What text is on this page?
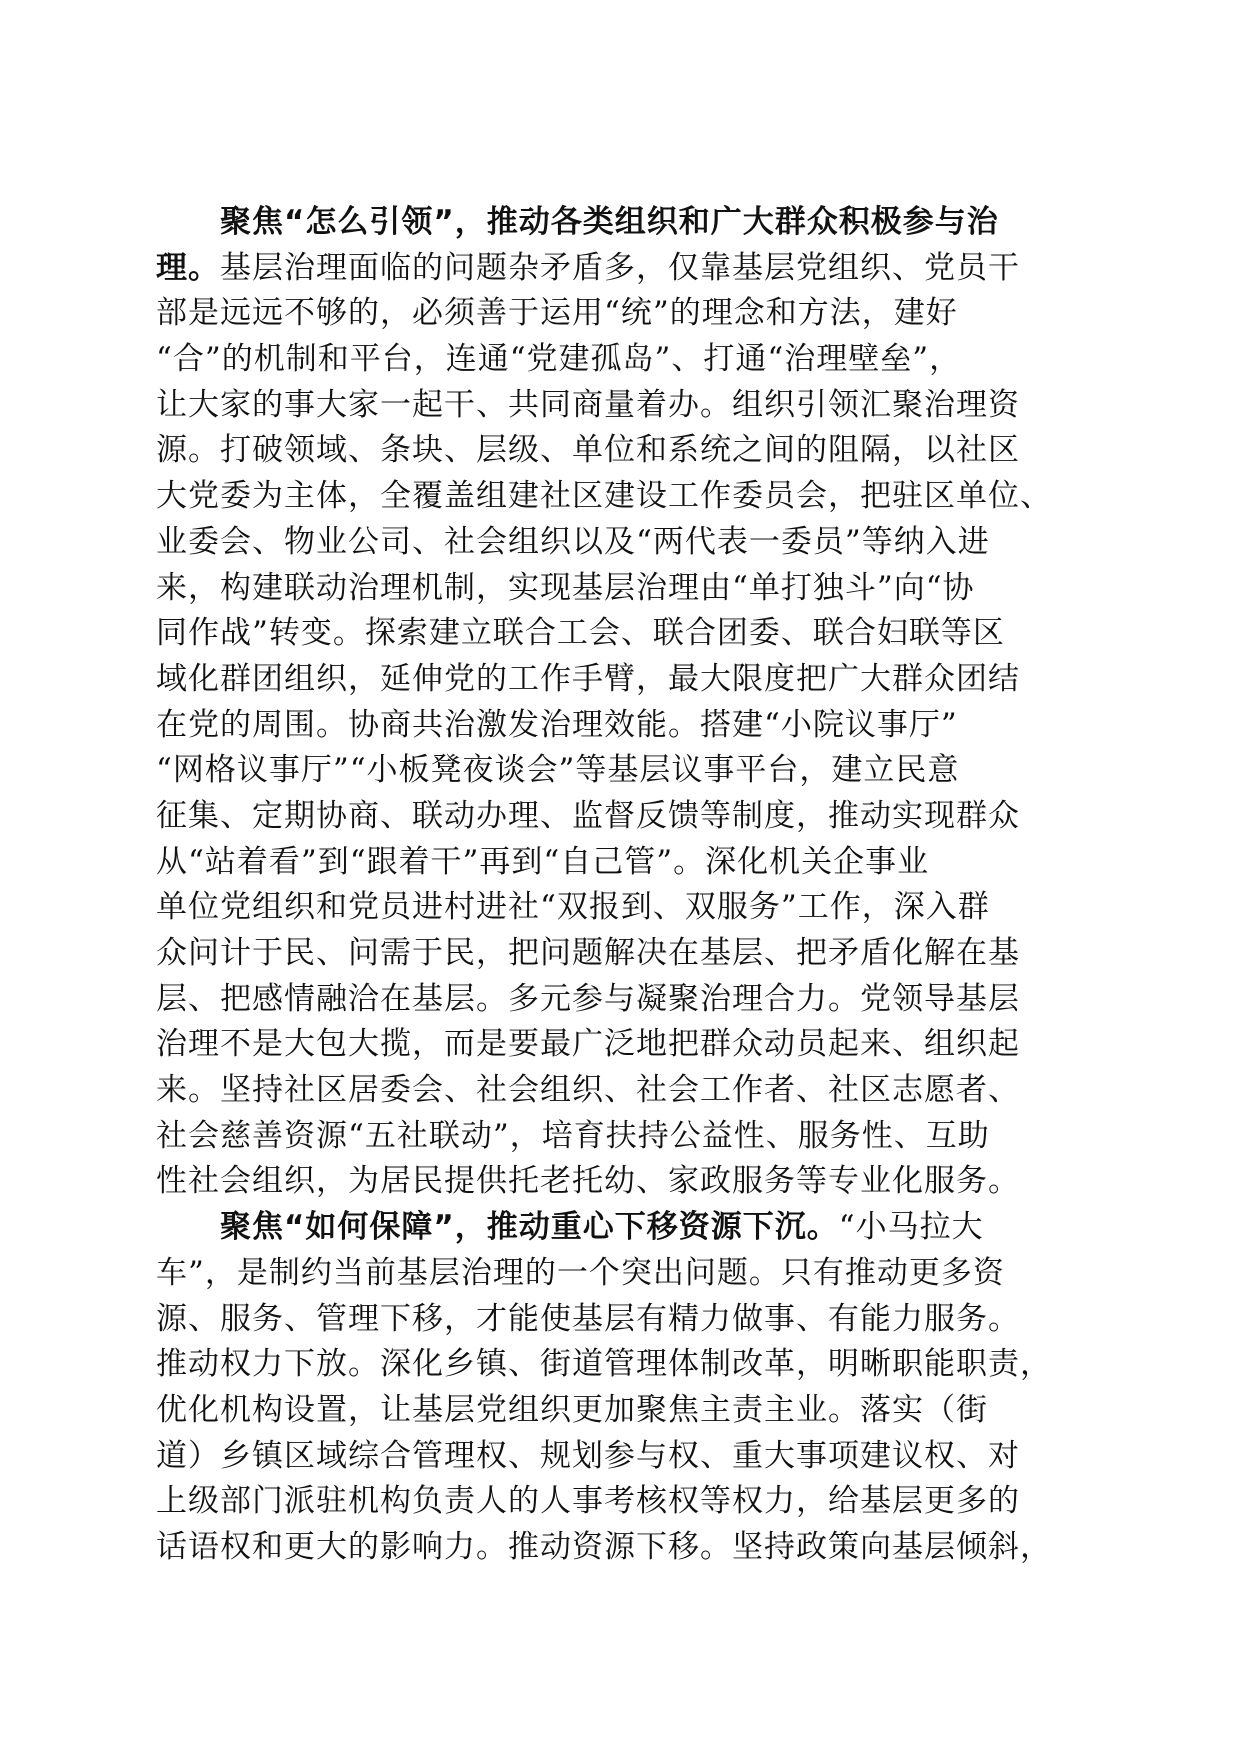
聚焦“怎么引领”，推动各类组织和广大群众积极参与治
理。基层治理面临的问题杂矛盾多，仅靠基层党组织、党员干
部是远远不够的，必须善于运用“统”的理念和方法，建好
“合”的机制和平台，连通“党建孤岛”、打通“治理壁垒”，
让大家的事大家一起干、共同商量着办。组织引领汇聚治理资
源。打破领域、条块、层级、单位和系统之间的阻隔，以社区
大党委为主体，全覆盖组建社区建设工作委员会，把驻区单位、
业委会、物业公司、社会组织以及“两代表一委员”等纳入进
来，构建联动治理机制，实现基层治理由“单打独斗”向“协
同作战”转变。探索建立联合工会、联合团委、联合妇联等区
域化群团组织，延伸党的工作手臂，最大限度把广大群众团结
在党的周围。协商共治激发治理效能。搭建“小院议事厅”
“网格议事厅”“小板凳夜谈会”等基层议事平台，建立民意
征集、定期协商、联动办理、监督反馈等制度，推动实现群众
从“站着看”到“跟着干”再到“自己管”。深化机关企事业
单位党组织和党员进村进社“双报到、双服务”工作，深入群
众问计于民、问需于民，把问题解决在基层、把矛盾化解在基
层、把感情融洽在基层。多元参与凝聚治理合力。党领导基层
治理不是大包大揽，而是要最广泛地把群众动员起来、组织起
来。坚持社区居委会、社会组织、社会工作者、社区志愿者、
社会慈善资源“五社联动”，培育扶持公益性、服务性、互助
性社会组织，为居民提供托老托幼、家政服务等专业化服务。
聚焦“如何保障”，推动重心下移资源下沉。“小马拉大
车”，是制约当前基层治理的一个突出问题。只有推动更多资
源、服务、管理下移，才能使基层有精力做事、有能力服务。
推动权力下放。深化乡镇、街道管理体制改革，明晰职能职责，
优化机构设置，让基层党组织更加聚焦主责主业。落实（街
道）乡镇区域综合管理权、规划参与权、重大事项建议权、对
上级部门派驻机构负责人的人事考核权等权力，给基层更多的
话语权和更大的影响力。推动资源下移。坚持政策向基层倾斜，
